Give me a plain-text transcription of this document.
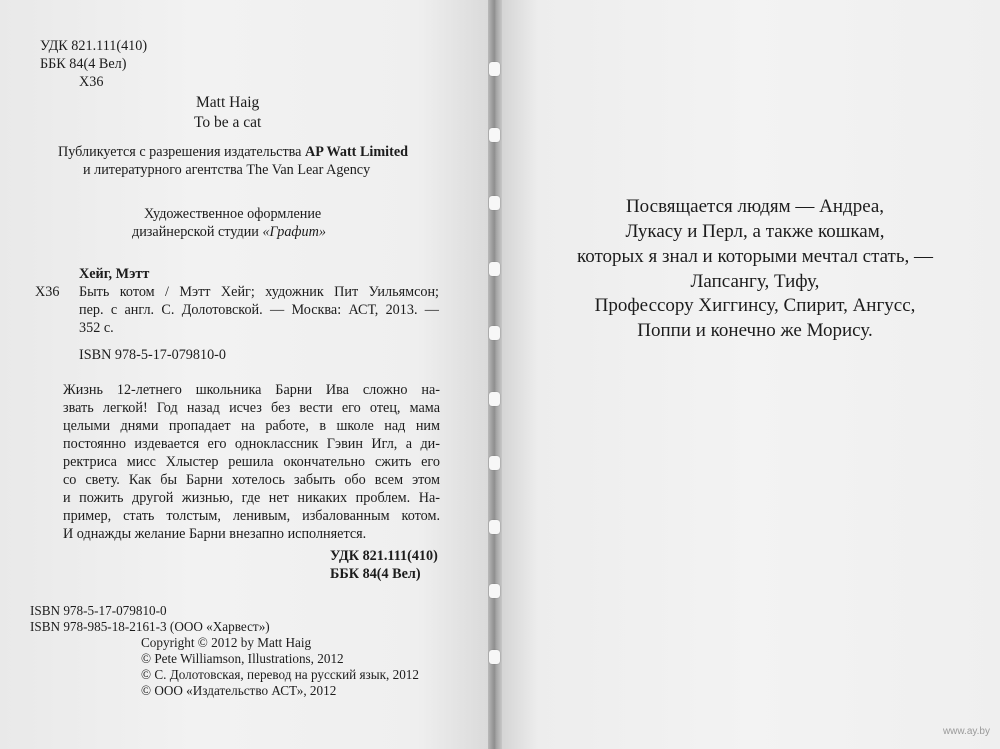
УДК 821.111(410)
ББК 84(4 Вел)
Х36
Matt Haig
To be a cat
Публикуется с разрешения издательства AP Watt Limited
и литературного агентства The Van Lear Agency
Художественное оформление
дизайнерской студии «Графит»
Хейг, Мэтт
Х36 Быть котом / Мэтт Хейг; художник Пит Уильямсон;
пер. с англ. С. Долотовской. — Москва: АСТ, 2013. —
352 с.
ISBN 978-5-17-079810-0
Жизнь 12-летнего школьника Барни Ива сложно на-
звать легкой! Год назад исчез без вести его отец, мама
целыми днями пропадает на работе, в школе над ним
постоянно издевается его одноклассник Гэвин Игл, а ди-
ректриса мисс Хлыстер решила окончательно сжить его
со свету. Как бы Барни хотелось забыть обо всем этом
и пожить другой жизнью, где нет никаких проблем. На-
пример, стать толстым, ленивым, избалованным котом.
И однажды желание Барни внезапно исполняется.
УДК 821.111(410)
ББК 84(4 Вел)
ISBN 978-5-17-079810-0
ISBN 978-985-18-2161-3 (ООО «Харвест»)
Copyright © 2012 by Matt Haig
© Pete Williamson, Illustrations, 2012
© С. Долотовская, перевод на русский язык, 2012
© ООО «Издательство АСТ», 2012
Посвящается людям — Андреа,
Лукасу и Перл, а также кошкам,
которых я знал и которыми мечтал стать, —
Лапсангу, Тифу,
Профессору Хиггинсу, Спирит, Ангусс,
Поппи и конечно же Морису.
www.ay.by
